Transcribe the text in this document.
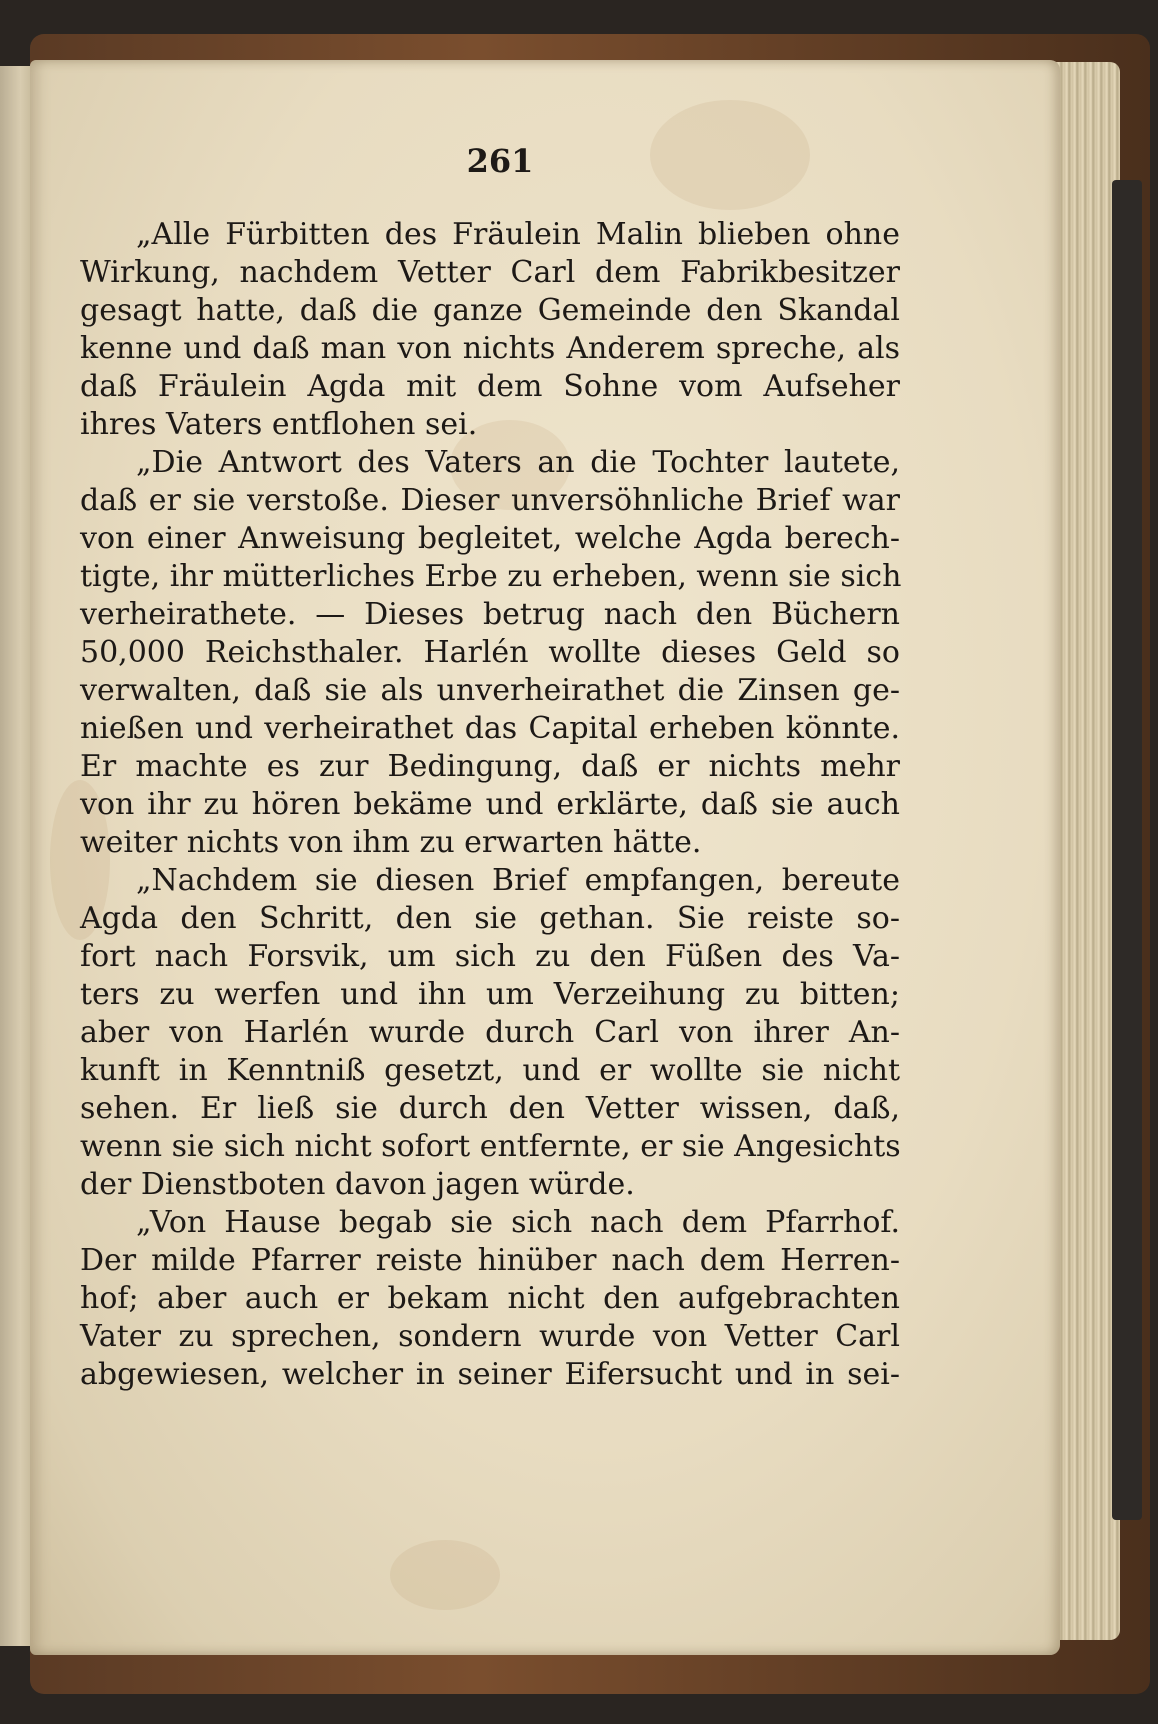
261
„Alle Fürbitten des Fräulein Malin blieben ohne
Wirkung, nachdem Vetter Carl dem Fabrikbesitzer
gesagt hatte, daß die ganze Gemeinde den Skandal
kenne und daß man von nichts Anderem spreche, als
daß Fräulein Agda mit dem Sohne vom Aufseher
ihres Vaters entflohen sei.
„Die Antwort des Vaters an die Tochter lautete,
daß er sie verstoße. Dieser unversöhnliche Brief war
von einer Anweisung begleitet, welche Agda berech-
tigte, ihr mütterliches Erbe zu erheben, wenn sie sich
verheirathete. — Dieses betrug nach den Büchern
50,000 Reichsthaler. Harlén wollte dieses Geld so
verwalten, daß sie als unverheirathet die Zinsen ge-
nießen und verheirathet das Capital erheben könnte.
Er machte es zur Bedingung, daß er nichts mehr
von ihr zu hören bekäme und erklärte, daß sie auch
weiter nichts von ihm zu erwarten hätte.
„Nachdem sie diesen Brief empfangen, bereute
Agda den Schritt, den sie gethan. Sie reiste so-
fort nach Forsvik, um sich zu den Füßen des Va-
ters zu werfen und ihn um Verzeihung zu bitten;
aber von Harlén wurde durch Carl von ihrer An-
kunft in Kenntniß gesetzt, und er wollte sie nicht
sehen. Er ließ sie durch den Vetter wissen, daß,
wenn sie sich nicht sofort entfernte, er sie Angesichts
der Dienstboten davon jagen würde.
„Von Hause begab sie sich nach dem Pfarrhof.
Der milde Pfarrer reiste hinüber nach dem Herren-
hof; aber auch er bekam nicht den aufgebrachten
Vater zu sprechen, sondern wurde von Vetter Carl
abgewiesen, welcher in seiner Eifersucht und in sei-
